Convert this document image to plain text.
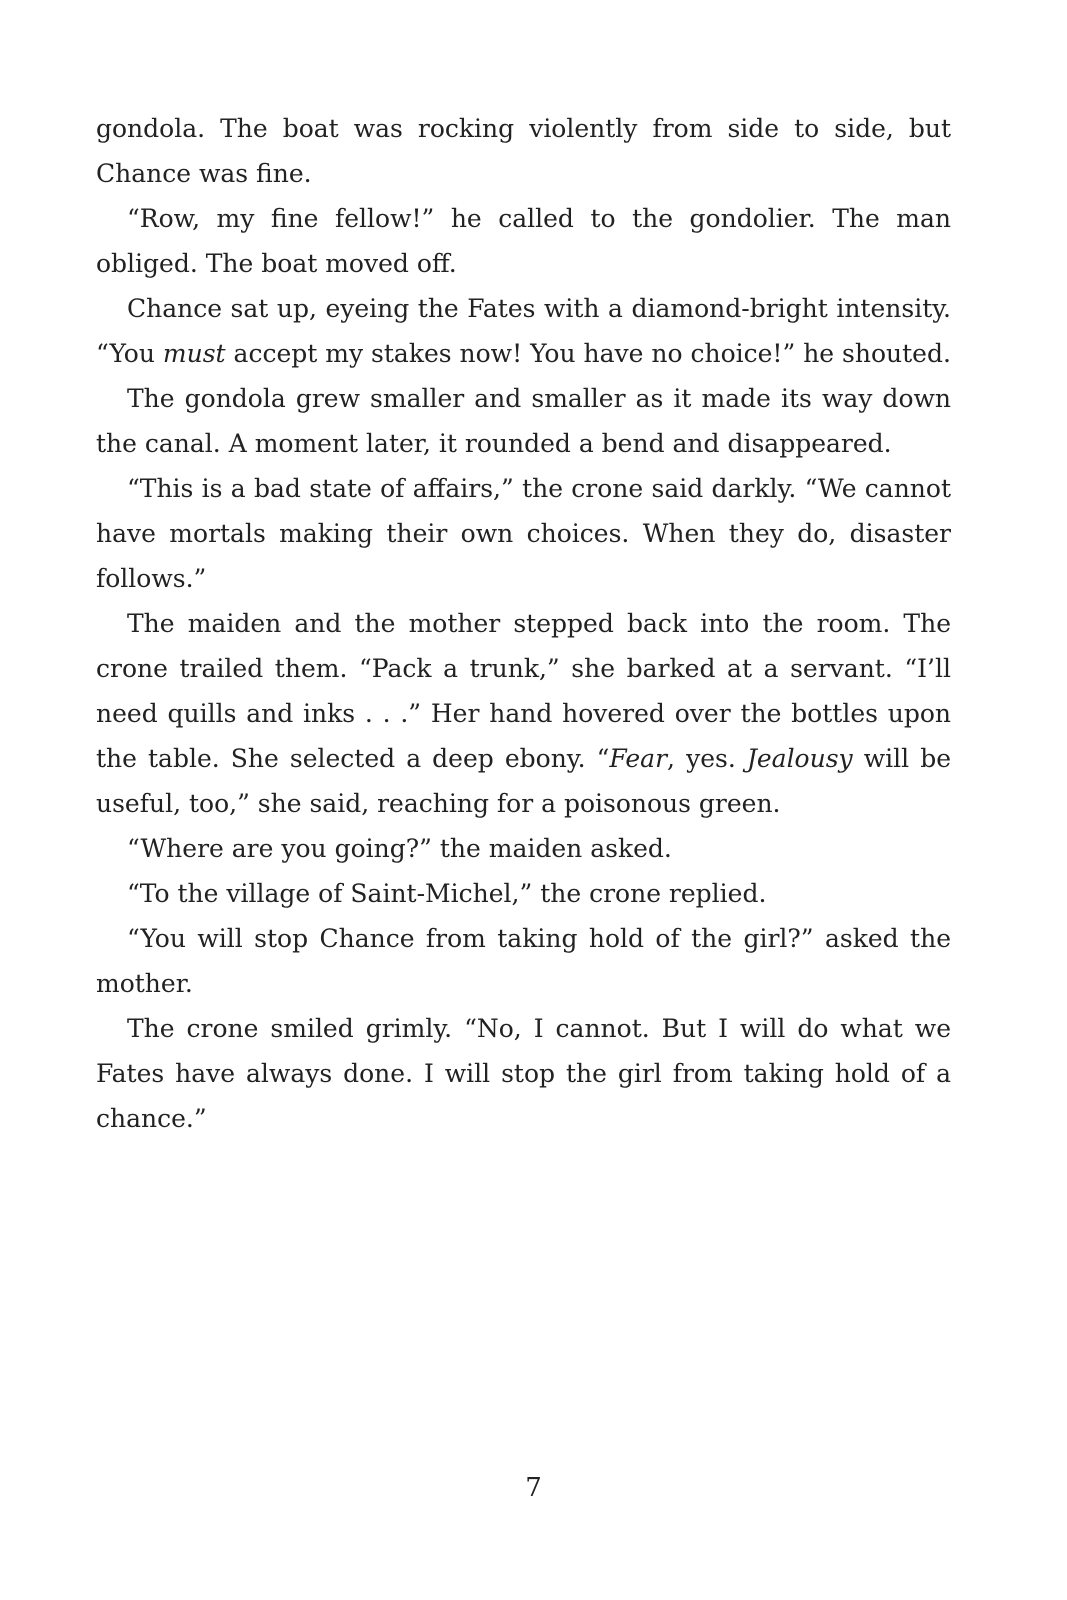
gondola. The boat was rocking violently from side to side, but Chance was fine.

“Row, my fine fellow!” he called to the gondolier. The man obliged. The boat moved off.

Chance sat up, eyeing the Fates with a diamond-bright intensity. “You must accept my stakes now! You have no choice!” he shouted.

The gondola grew smaller and smaller as it made its way down the canal. A moment later, it rounded a bend and disappeared.

“This is a bad state of affairs,” the crone said darkly. “We cannot have mortals making their own choices. When they do, disaster follows.”

The maiden and the mother stepped back into the room. The crone trailed them. “Pack a trunk,” she barked at a servant. “I’ll need quills and inks . . .” Her hand hovered over the bottles upon the table. She selected a deep ebony. “Fear, yes. Jealousy will be useful, too,” she said, reaching for a poisonous green.

“Where are you going?” the maiden asked.

“To the village of Saint-Michel,” the crone replied.

“You will stop Chance from taking hold of the girl?” asked the mother.

The crone smiled grimly. “No, I cannot. But I will do what we Fates have always done. I will stop the girl from taking hold of a chance.”

7
